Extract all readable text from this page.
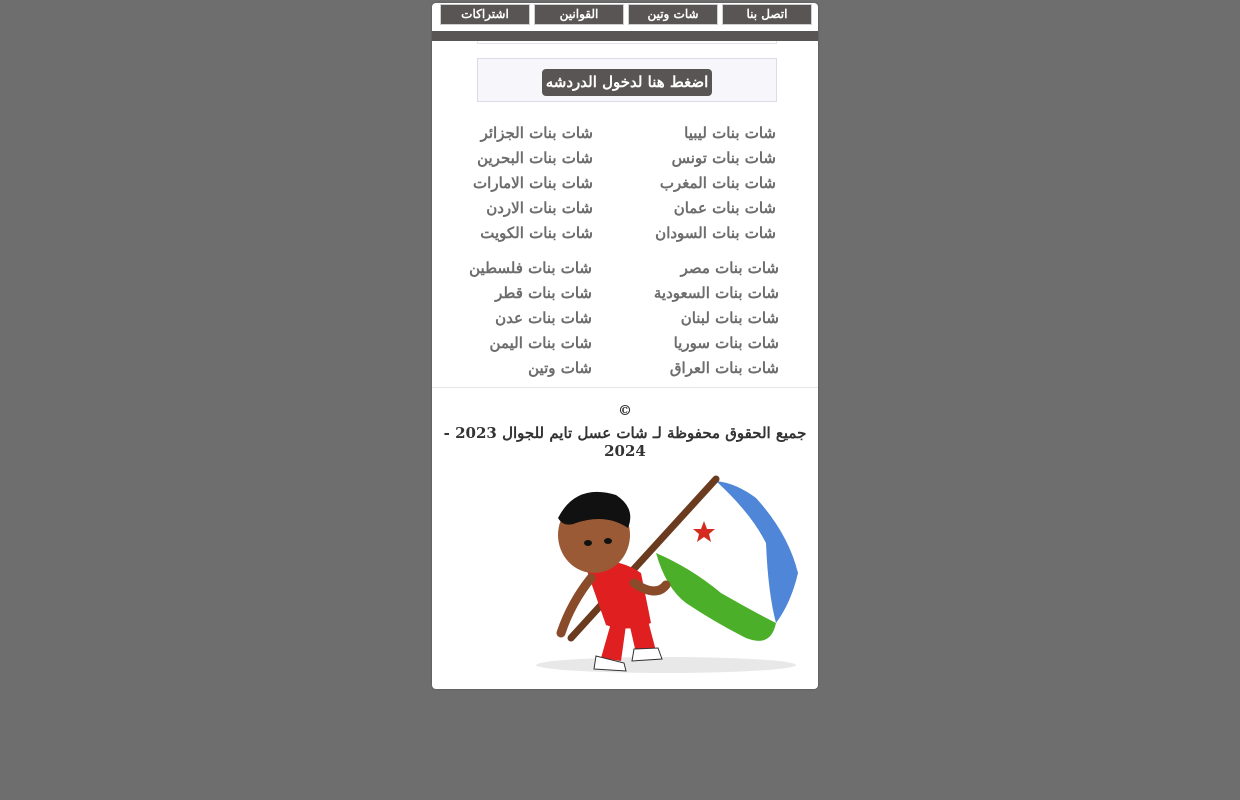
اتصل بنا
شات وتين
القوانين
اشتراكات
اضغط هنا لدخول الدردشه
شات بنات ليبيا
شات بنات تونس
شات بنات المغرب
شات بنات عمان
شات بنات السودان
شات بنات الجزائر
شات بنات البحرين
شات بنات الامارات
شات بنات الاردن
شات بنات الكويت
شات بنات مصر
شات بنات السعودية
شات بنات لبنان
شات بنات سوريا
شات بنات العراق
شات بنات فلسطين
شات بنات قطر
شات بنات عدن
شات بنات اليمن
شات وتين
©
جميع الحقوق محفوظة لـ شات عسل تايم للجوال 2023 - 2024
